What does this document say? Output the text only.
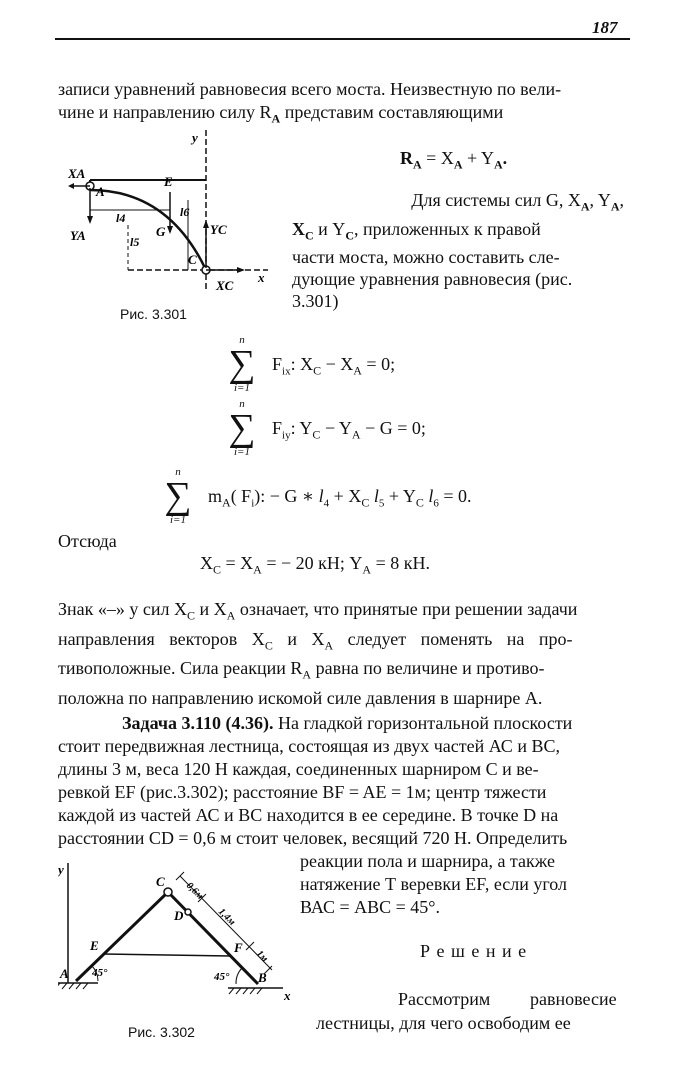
187
записи уравнений равновесия всего моста. Неизвестную по вели-
чине и направлению силу $R_A$ представим составляющими
$R_A = X_A + Y_A$.
XA
A
YA
y
E
l4
l5
G
l6
YC
C
XC
x
Рис. 3.301
Для системы сил G, $X_A$, $Y_A$,
$X_C$ и $Y_C$, приложенных к правой
части моста, можно составить сле-
дующие уравнения равновесия (рис.
3.301)
n
∑
i=1
$F_{ix}$: $X_C - X_A = 0$;
n
∑
i=1
$F_{iy}$: $Y_C - Y_A - G = 0$;
n
∑
i=1
$m_A$( $F_i$): − G ∗ $l_4 + X_C$ $l_5 + Y_C$ $l_6 = 0$.
Отсюда
$X_C = X_A$ = − 20 кН; $Y_A = 8$ кН.
Знак «–» у сил $X_C$ и $X_A$ означает, что принятые при решении задачи
направления векторов $X_C$ и $X_A$ следует поменять на про-
тивоположные. Сила реакции $R_A$ равна по величине и противо-
положна по направлению искомой силе давления в шарнире А.
Задача 3.110 (4.36). На гладкой горизонтальной плоскости
стоит передвижная лестница, состоящая из двух частей АС и ВС,
длины 3 м, веса 120 Н каждая, соединенных шарниром С и ве-
ревкой EF (рис.3.302); расстояние BF = AE = 1м; центр тяжести
каждой из частей АС и ВС находится в ее середине. В точке D на
расстоянии CD = 0,6 м стоит человек, весящий 720 Н. Определить
реакции пола и шарнира, а также
натяжение Т веревки EF, если угол
ВАС = АВС = 45°.
Р е ш е н и е
Рассмотрим равновесие
лестницы, для чего освободим ее
y
C 0,6м
D	1,4м
1м
E	F
A 45°	45° B
x
Рис. 3.302
